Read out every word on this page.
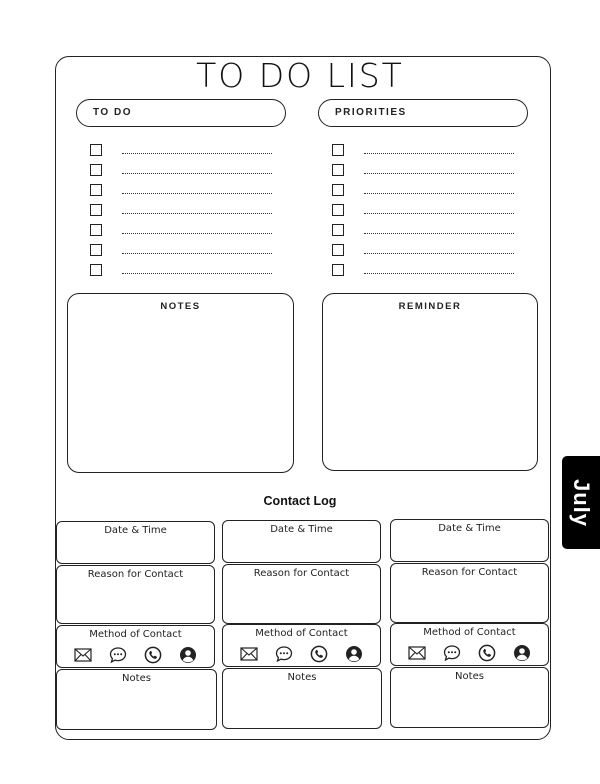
TO DO LIST
TO DO	PRIORITIES
NOTES	REMINDER
Contact Log
Date & Time
Reason for Contact
Method of Contact
Notes
Date & Time
Reason for Contact
Method of Contact
Notes
Date & Time
Reason for Contact
Method of Contact
Notes
July
